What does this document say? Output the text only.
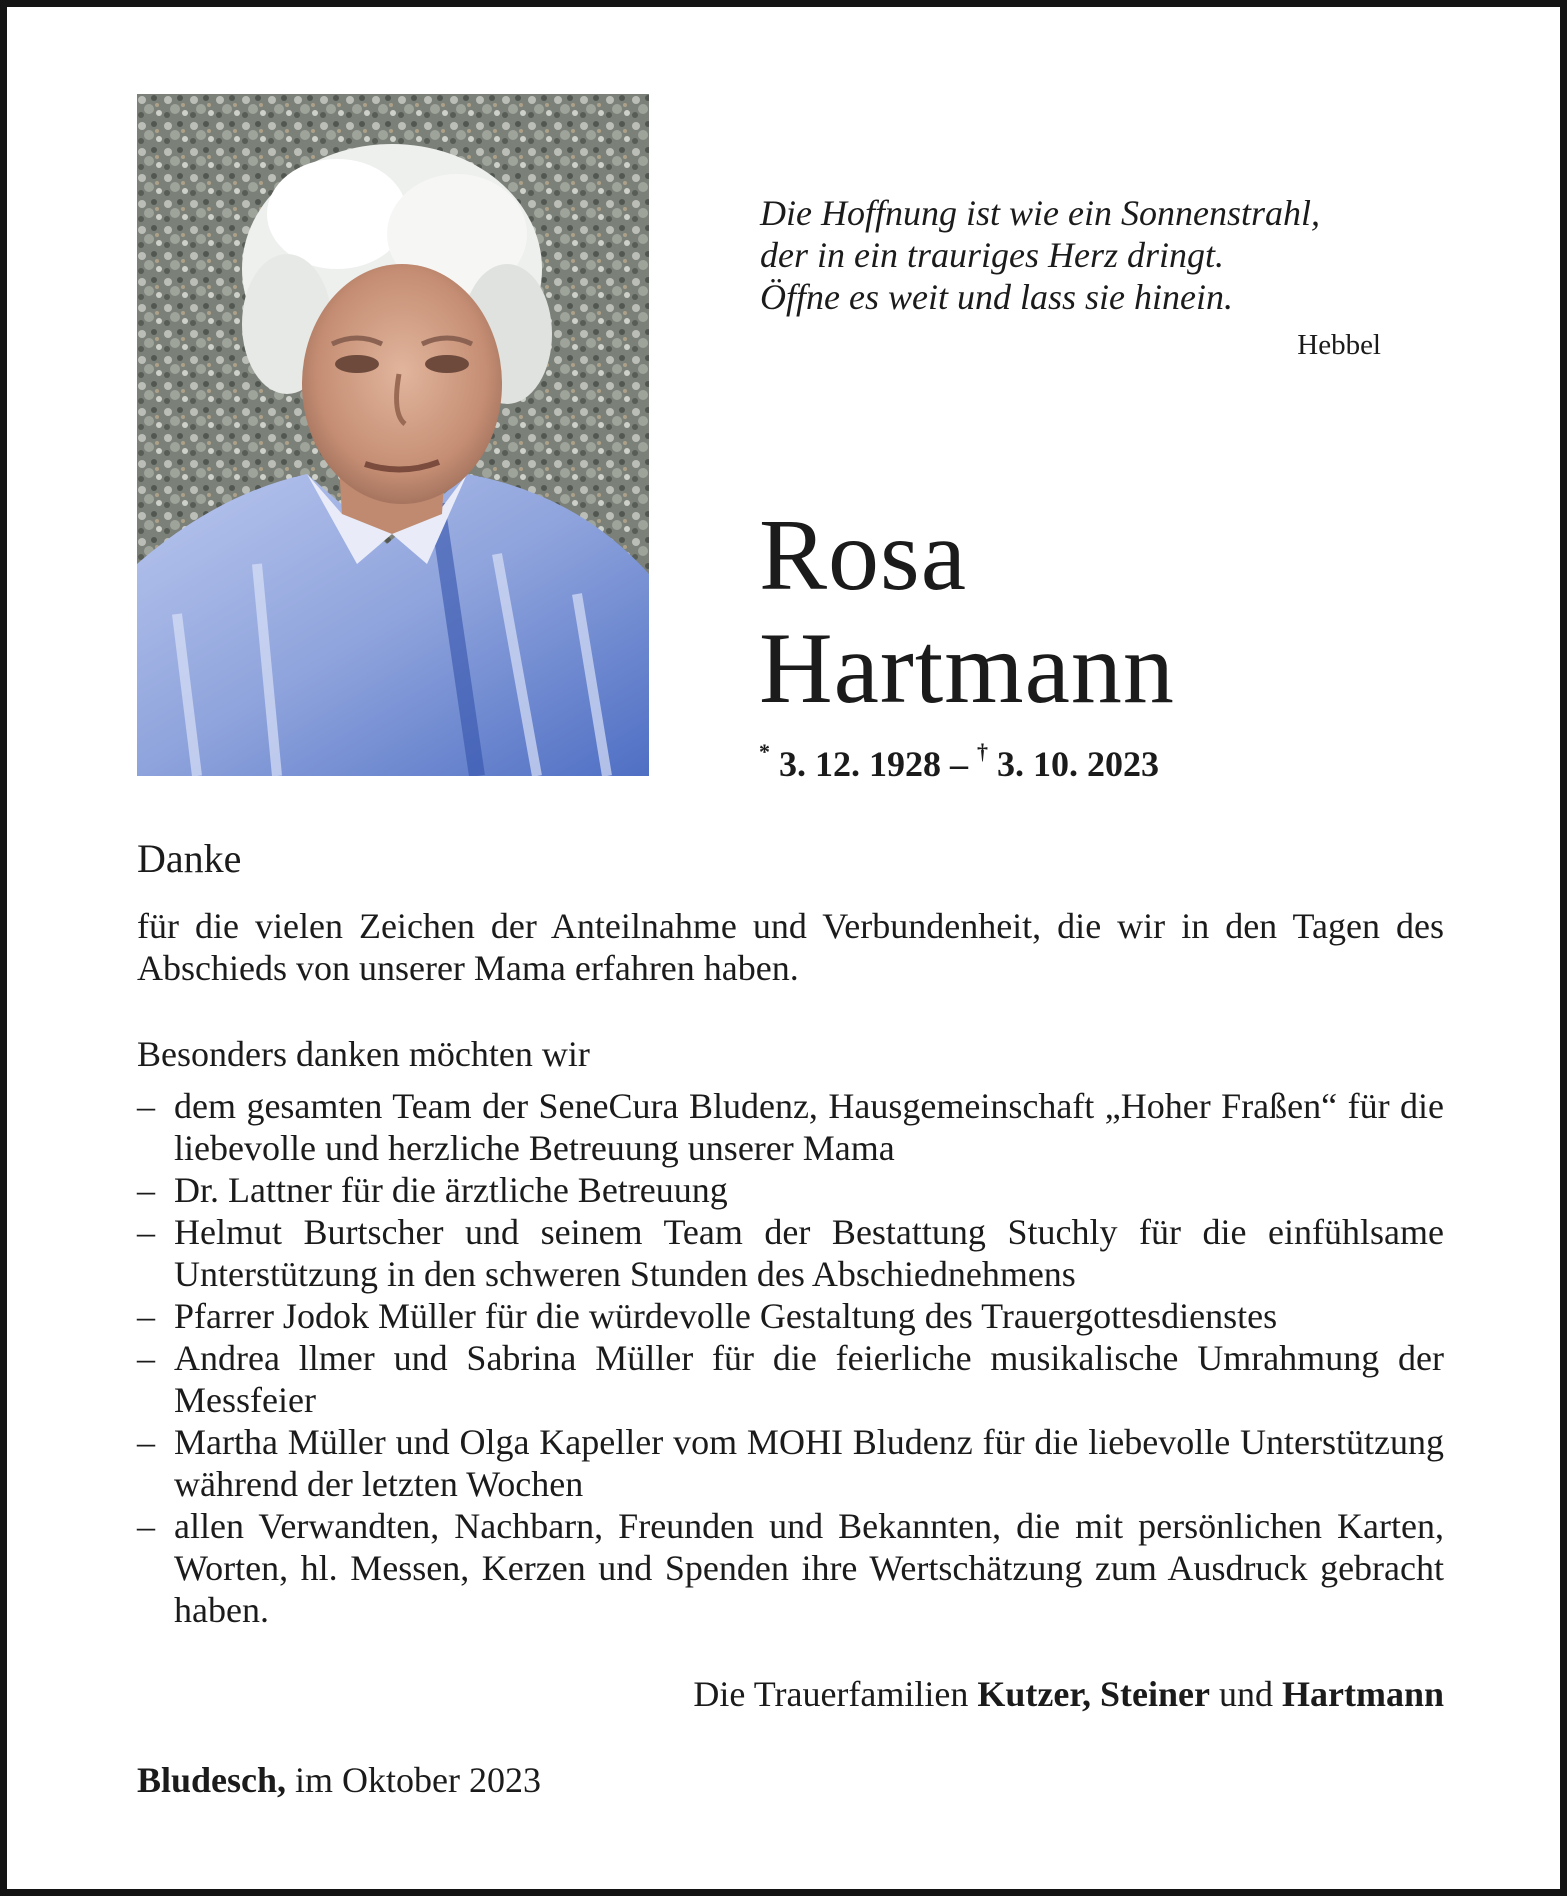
Die Hoffnung ist wie ein Sonnenstrahl,
der in ein trauriges Herz dringt.
Öffne es weit und lass sie hinein.
Hebbel
Rosa
Hartmann
* 3. 12. 1928 – † 3. 10. 2023
Danke
für die vielen Zeichen der Anteilnahme und Verbundenheit, die wir in den Tagen des Abschieds von unserer Mama erfahren haben.
Besonders danken möchten wir
– dem gesamten Team der SeneCura Bludenz, Hausgemeinschaft „Hoher Fraßen“ für die liebevolle und herzliche Betreuung unserer Mama
– Dr. Lattner für die ärztliche Betreuung
– Helmut Burtscher und seinem Team der Bestattung Stuchly für die einfühlsame Unterstützung in den schweren Stunden des Abschiednehmens
– Pfarrer Jodok Müller für die würdevolle Gestaltung des Trauergottesdienstes
– Andrea llmer und Sabrina Müller für die feierliche musikalische Umrahmung der Messfeier
– Martha Müller und Olga Kapeller vom MOHI Bludenz für die liebevolle Unterstützung während der letzten Wochen
– allen Verwandten, Nachbarn, Freunden und Bekannten, die mit persönlichen Karten, Worten, hl. Messen, Kerzen und Spenden ihre Wertschätzung zum Ausdruck gebracht haben.
Die Trauerfamilien Kutzer, Steiner und Hartmann
Bludesch, im Oktober 2023
